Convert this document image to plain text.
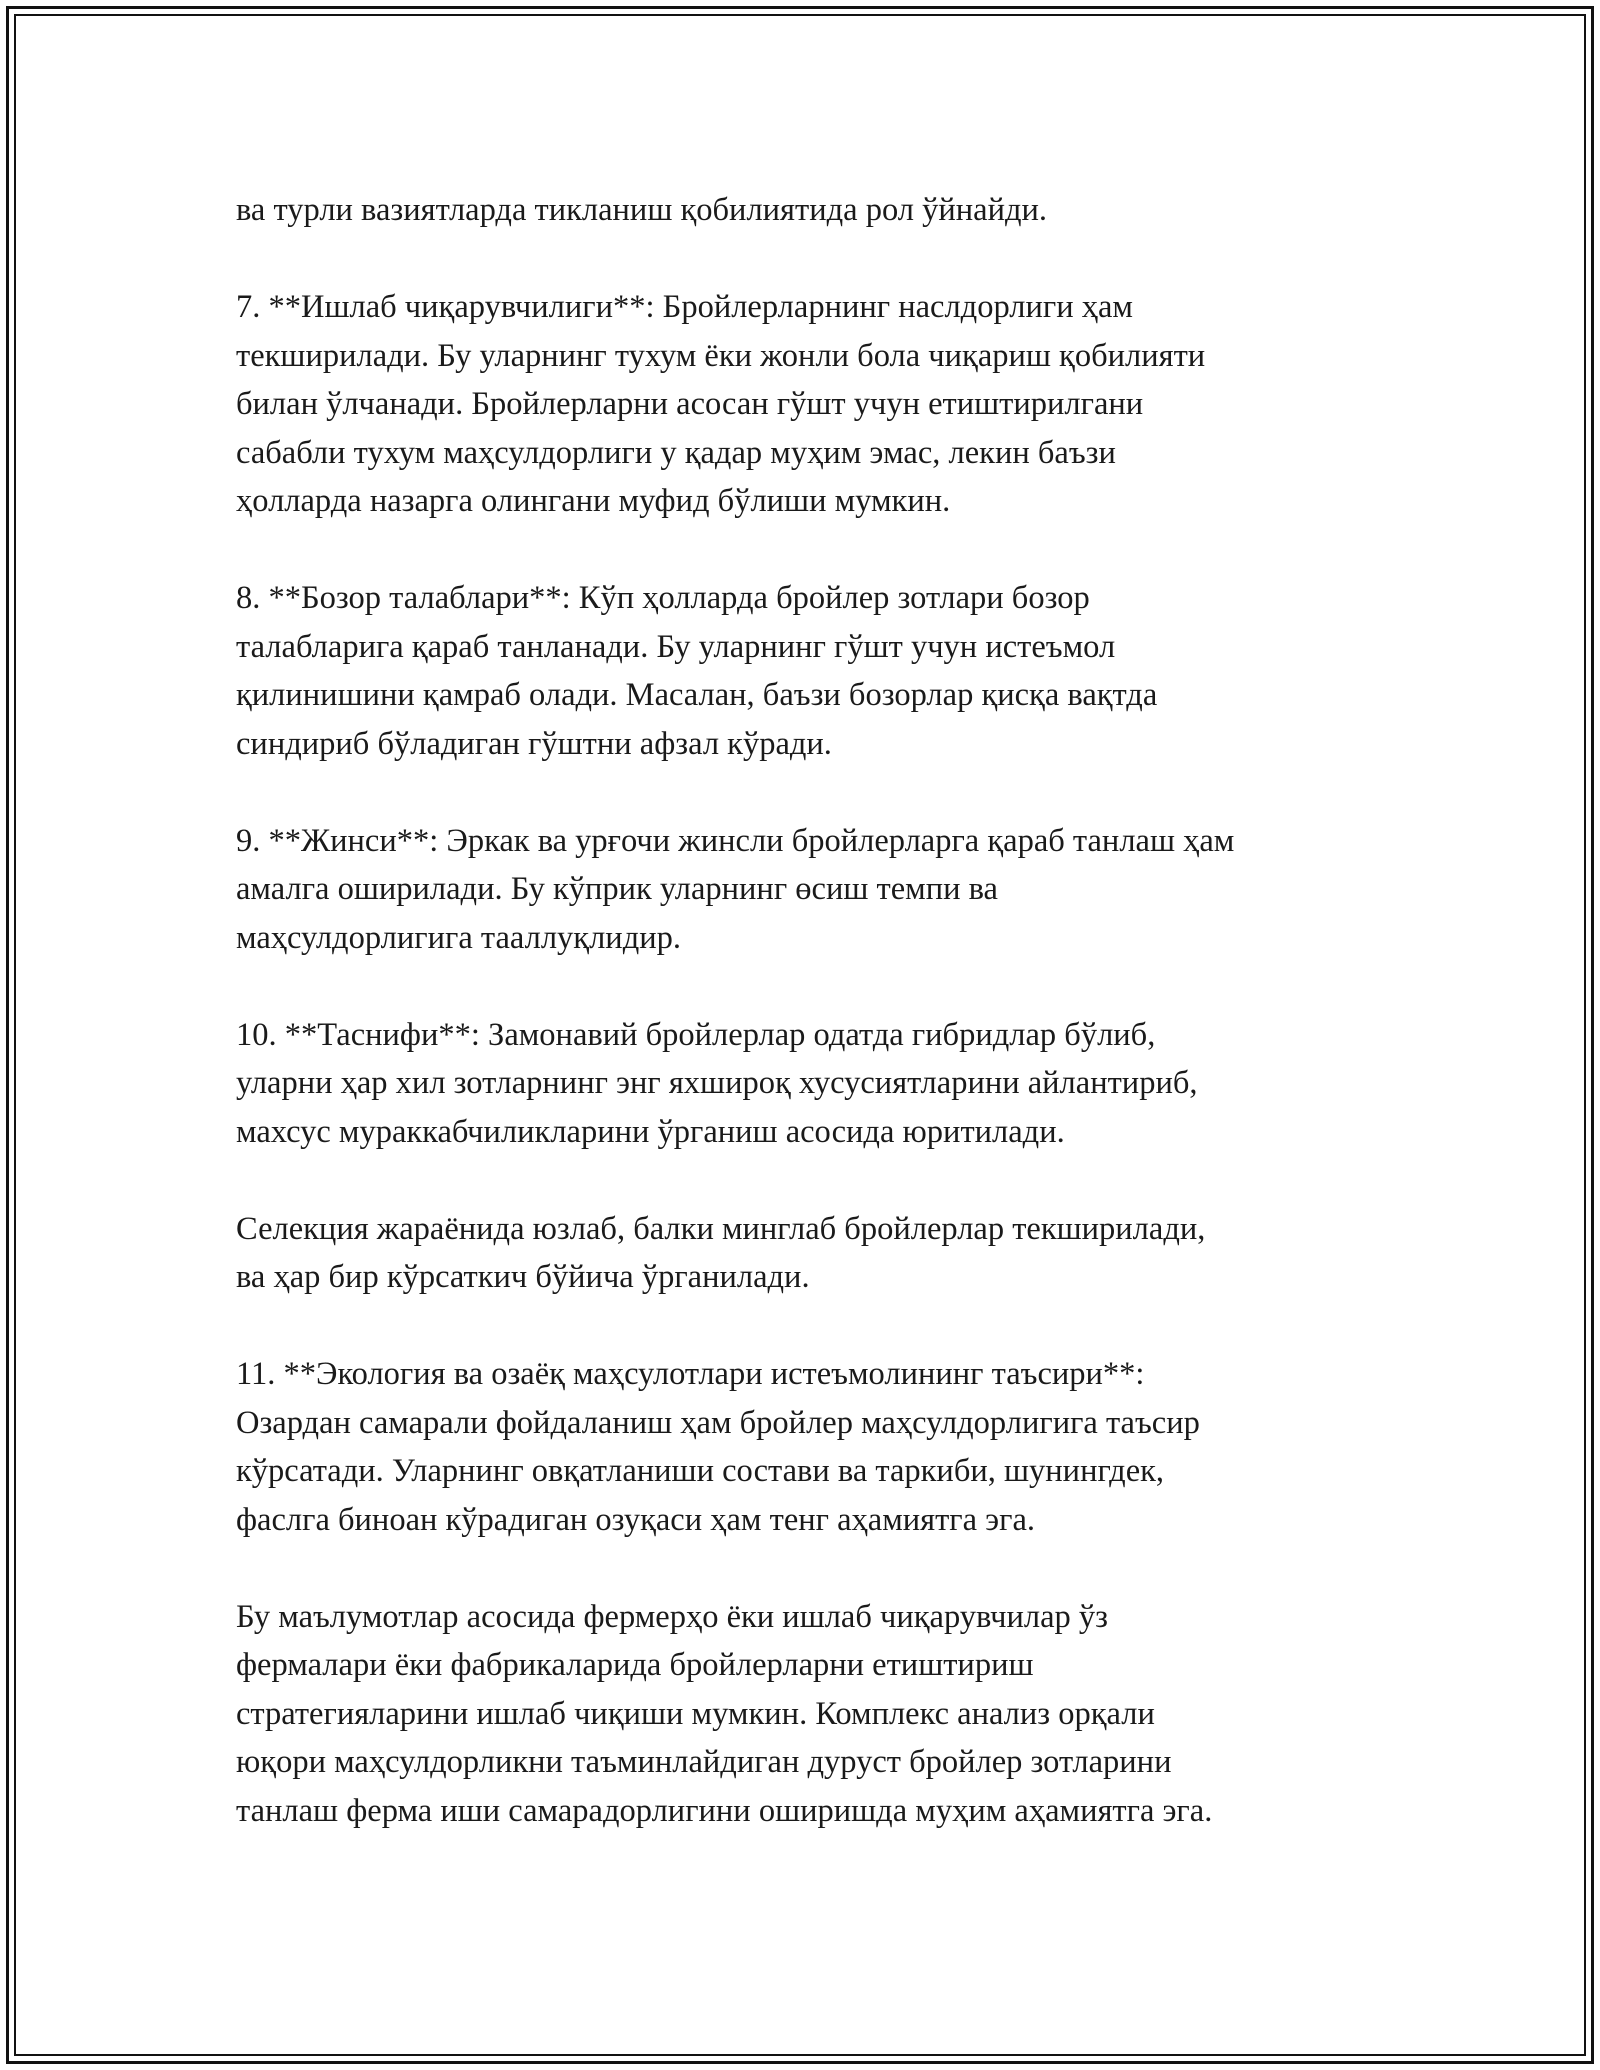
ва турли вазиятларда тикланиш қобилиятида рол ўйнайди.

7. **Ишлаб чиқарувчилиги**: Бройлерларнинг наслдорлиги ҳам
текширилади. Бу уларнинг тухум ёки жонли бола чиқариш қобилияти
билан ўлчанади. Бройлерларни асосан гўшт учун етиштирилгани
сабабли тухум маҳсулдорлиги у қадар муҳим эмас, лекин баъзи
ҳолларда назарга олингани муфид бўлиши мумкин.

8. **Бозор талаблари**: Кўп ҳолларда бройлер зотлари бозор
талабларига қараб танланади. Бу уларнинг гўшт учун истеъмол
қилинишини қамраб олади. Масалан, баъзи бозорлар қисқа вақтда
синдириб бўладиган гўштни афзал кўради.

9. **Жинси**: Эркак ва урғочи жинсли бройлерларга қараб танлаш ҳам
амалга оширилади. Бу кўприк уларнинг өсиш темпи ва
маҳсулдорлигига тааллуқлидир.

10. **Таснифи**: Замонавий бройлерлар одатда гибридлар бўлиб,
уларни ҳар хил зотларнинг энг яхшироқ хусусиятларини айлантириб,
махсус мураккабчиликларини ўрганиш асосида юритилади.

Селекция жараёнида юзлаб, балки минглаб бройлерлар текширилади,
ва ҳар бир кўрсаткич бўйича ўрганилади.

11. **Экология ва озаёқ маҳсулотлари истеъмолининг таъсири**:
Озардан самарали фойдаланиш ҳам бройлер маҳсулдорлигига таъсир
кўрсатади. Уларнинг овқатланиши состави ва таркиби, шунингдек,
фаслга биноан кўрадиган озуқаси ҳам тенг аҳамиятга эга.

Бу маълумотлар асосида фермерҳо ёки ишлаб чиқарувчилар ўз
фермалари ёки фабрикаларида бройлерларни етиштириш
стратегияларини ишлаб чиқиши мумкин. Комплекс анализ орқали
юқори маҳсулдорликни таъминлайдиган дуруст бройлер зотларини
танлаш ферма иши самарадорлигини оширишда муҳим аҳамиятга эга.
